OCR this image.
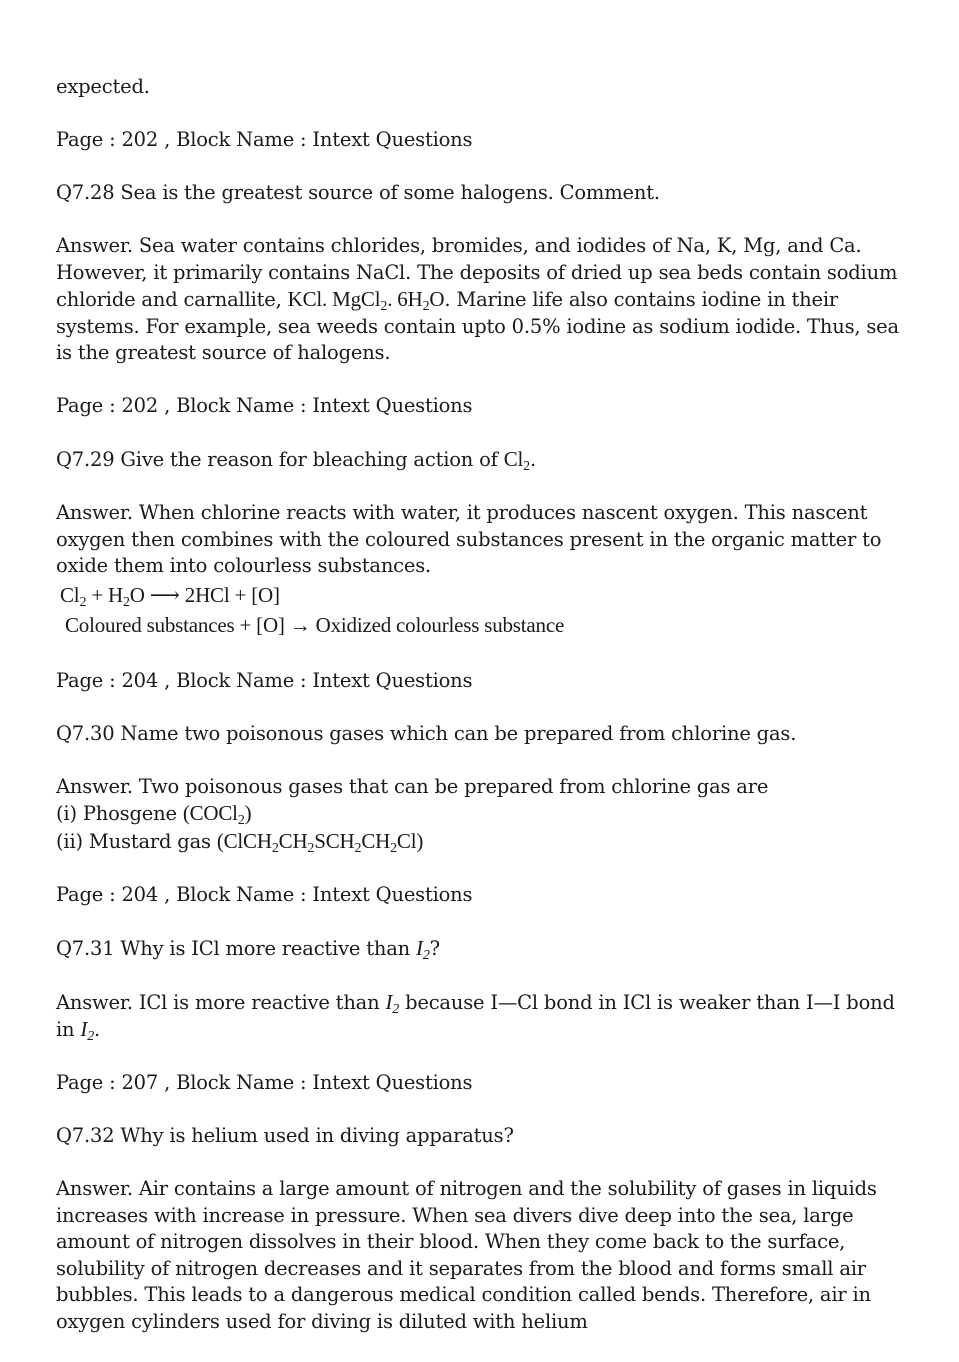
expected.
Page : 202 , Block Name : Intext Questions
Q7.28 Sea is the greatest source of some halogens. Comment.
Answer. Sea water contains chlorides, bromides, and iodides of Na, K, Mg, and Ca. However, it primarily contains NaCl. The deposits of dried up sea beds contain sodium chloride and carnallite, KCl. MgCl$_2$. $6H_2O$. Marine life also contains iodine in their systems. For example, sea weeds contain upto 0.5% iodine as sodium iodide. Thus, sea is the greatest source of halogens.
Page : 202 , Block Name : Intext Questions
Q7.29 Give the reason for bleaching action of $Cl_2$.
Answer. When chlorine reacts with water, it produces nascent oxygen. This nascent oxygen then combines with the coloured substances present in the organic matter to oxide them into colourless substances.
$Cl_2 + H_2O$ ⟶ 2HCl + [O]
Coloured substances + [O] → Oxidized colourless substance
Page : 204 , Block Name : Intext Questions
Q7.30 Name two poisonous gases which can be prepared from chlorine gas.
Answer. Two poisonous gases that can be prepared from chlorine gas are
(i) Phosgene (COCl$_2$)
(ii) Mustard gas $(ClCH_2CH_2SCH_2CH_2Cl)$
Page : 204 , Block Name : Intext Questions
Q7.31 Why is ICl more reactive than $I_2$?
Answer. ICl is more reactive than $I_2$ because I—Cl bond in ICl is weaker than I—I bond in $I_2$.
Page : 207 , Block Name : Intext Questions
Q7.32 Why is helium used in diving apparatus?
Answer. Air contains a large amount of nitrogen and the solubility of gases in liquids increases with increase in pressure. When sea divers dive deep into the sea, large amount of nitrogen dissolves in their blood. When they come back to the surface, solubility of nitrogen decreases and it separates from the blood and forms small air bubbles. This leads to a dangerous medical condition called bends. Therefore, air in oxygen cylinders used for diving is diluted with helium
